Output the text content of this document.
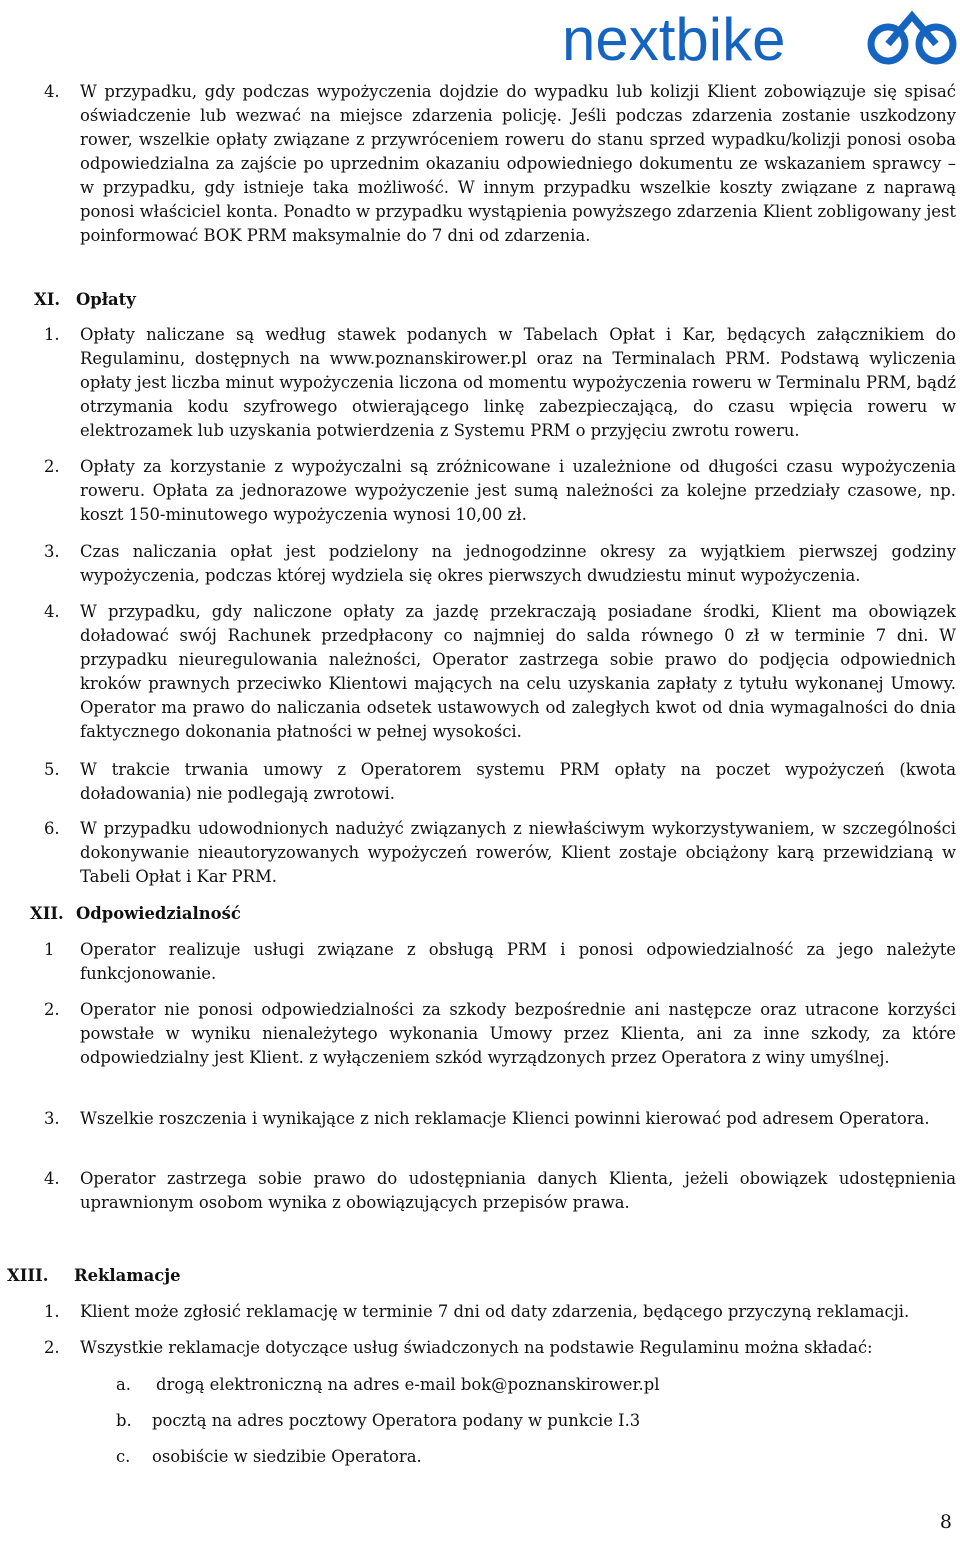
nextbike

4. W przypadku, gdy podczas wypożyczenia dojdzie do wypadku lub kolizji Klient zobowiązuje się spisać oświadczenie lub wezwać na miejsce zdarzenia policję. Jeśli podczas zdarzenia zostanie uszkodzony rower, wszelkie opłaty związane z przywróceniem roweru do stanu sprzed wypadku/kolizji ponosi osoba odpowiedzialna za zajście po uprzednim okazaniu odpowiedniego dokumentu ze wskazaniem sprawcy – w przypadku, gdy istnieje taka możliwość. W innym przypadku wszelkie koszty związane z naprawą ponosi właściciel konta. Ponadto w przypadku wystąpienia powyższego zdarzenia Klient zobligowany jest poinformować BOK PRM maksymalnie do 7 dni od zdarzenia.

XI. Opłaty

1. Opłaty naliczane są według stawek podanych w Tabelach Opłat i Kar, będących załącznikiem do Regulaminu, dostępnych na www.poznanskirower.pl oraz na Terminalach PRM. Podstawą wyliczenia opłaty jest liczba minut wypożyczenia liczona od momentu wypożyczenia roweru w Terminalu PRM, bądź otrzymania kodu szyfrowego otwierającego linkę zabezpieczającą, do czasu wpięcia roweru w elektrozamek lub uzyskania potwierdzenia z Systemu PRM o przyjęciu zwrotu roweru.

2. Opłaty za korzystanie z wypożyczalni są zróżnicowane i uzależnione od długości czasu wypożyczenia roweru. Opłata za jednorazowe wypożyczenie jest sumą należności za kolejne przedziały czasowe, np. koszt 150-minutowego wypożyczenia wynosi 10,00 zł.

3. Czas naliczania opłat jest podzielony na jednogodzinne okresy za wyjątkiem pierwszej godziny wypożyczenia, podczas której wydziela się okres pierwszych dwudziestu minut wypożyczenia.

4. W przypadku, gdy naliczone opłaty za jazdę przekraczają posiadane środki, Klient ma obowiązek doładować swój Rachunek przedpłacony co najmniej do salda równego 0 zł w terminie 7 dni. W przypadku nieuregulowania należności, Operator zastrzega sobie prawo do podjęcia odpowiednich kroków prawnych przeciwko Klientowi mających na celu uzyskania zapłaty z tytułu wykonanej Umowy. Operator ma prawo do naliczania odsetek ustawowych od zaległych kwot od dnia wymagalności do dnia faktycznego dokonania płatności w pełnej wysokości.

5. W trakcie trwania umowy z Operatorem systemu PRM opłaty na poczet wypożyczeń (kwota doładowania) nie podlegają zwrotowi.

6. W przypadku udowodnionych nadużyć związanych z niewłaściwym wykorzystywaniem, w szczególności dokonywanie nieautoryzowanych wypożyczeń rowerów, Klient zostaje obciążony karą przewidzianą w Tabeli Opłat i Kar PRM.

XII. Odpowiedzialność

1 Operator realizuje usługi związane z obsługą PRM i ponosi odpowiedzialność za jego należyte funkcjonowanie.

2. Operator nie ponosi odpowiedzialności za szkody bezpośrednie ani następcze oraz utracone korzyści powstałe w wyniku nienależytego wykonania Umowy przez Klienta, ani za inne szkody, za które odpowiedzialny jest Klient. z wyłączeniem szkód wyrządzonych przez Operatora z winy umyślnej.

3. Wszelkie roszczenia i wynikające z nich reklamacje Klienci powinni kierować pod adresem Operatora.

4. Operator zastrzega sobie prawo do udostępniania danych Klienta, jeżeli obowiązek udostępnienia uprawnionym osobom wynika z obowiązujących przepisów prawa.

XIII. Reklamacje

1. Klient może zgłosić reklamację w terminie 7 dni od daty zdarzenia, będącego przyczyną reklamacji.

2. Wszystkie reklamacje dotyczące usług świadczonych na podstawie Regulaminu można składać:

a. drogą elektroniczną na adres e-mail bok@poznanskirower.pl
b. pocztą na adres pocztowy Operatora podany w punkcie I.3
c. osobiście w siedzibie Operatora.
8
